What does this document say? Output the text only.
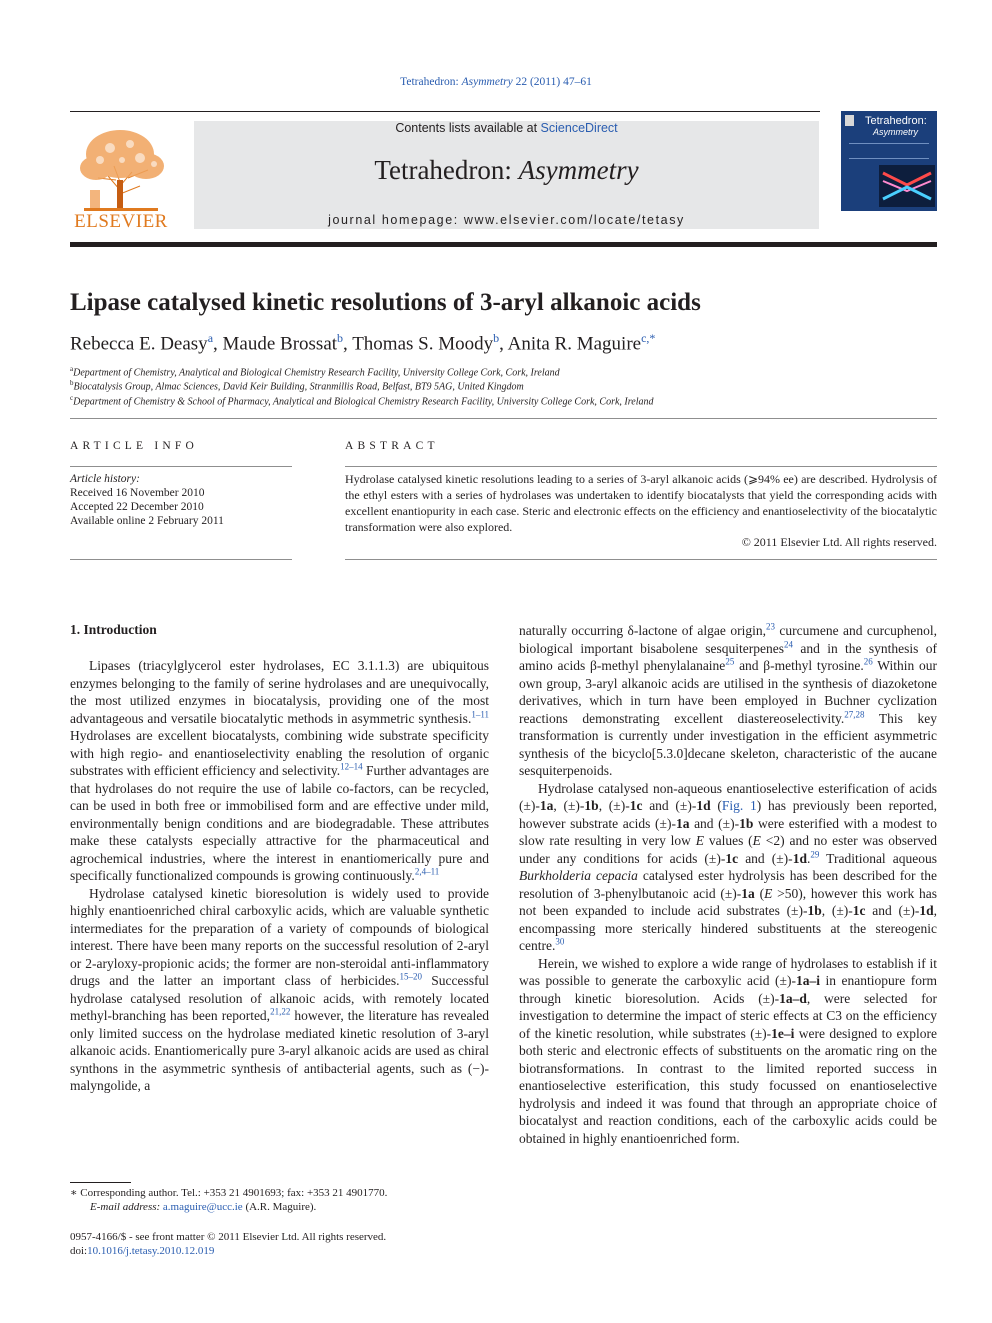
Tetrahedron: Asymmetry 22 (2011) 47–61
ELSEVIER
Contents lists available at ScienceDirect
Tetrahedron: Asymmetry
journal homepage: www.elsevier.com/locate/tetasy
Tetrahedron:
Asymmetry
Lipase catalysed kinetic resolutions of 3-aryl alkanoic acids
Rebecca E. Deasy$^a$, Maude Brossat$^b$, Thomas S. Moody$^b$, Anita R. Maguire$^{c,*}$
$^a$Department of Chemistry, Analytical and Biological Chemistry Research Facility, University College Cork, Cork, Ireland
$^b$Biocatalysis Group, Almac Sciences, David Keir Building, Stranmillis Road, Belfast, BT9 5AG, United Kingdom
$^c$Department of Chemistry & School of Pharmacy, Analytical and Biological Chemistry Research Facility, University College Cork, Cork, Ireland
ARTICLE INFO
Article history:
Received 16 November 2010
Accepted 22 December 2010
Available online 2 February 2011
ABSTRACT
Hydrolase catalysed kinetic resolutions leading to a series of 3-aryl alkanoic acids (⩾94% ee) are described. Hydrolysis of the ethyl esters with a series of hydrolases was undertaken to identify biocatalysts that yield the corresponding acids with excellent enantiopurity in each case. Steric and electronic effects on the efficiency and enantioselectivity of the biocatalytic transformation were also explored.
© 2011 Elsevier Ltd. All rights reserved.
1. Introduction

Lipases (triacylglycerol ester hydrolases, EC 3.1.1.3) are ubiquitous enzymes belonging to the family of serine hydrolases and are unequivocally, the most utilized enzymes in biocatalysis, providing one of the most advantageous and versatile biocatalytic methods in asymmetric synthesis.$^{1-11}$ Hydrolases are excellent biocatalysts, combining wide substrate specificity with high regio- and enantioselectivity enabling the resolution of organic substrates with efficient efficiency and selectivity.$^{12-14}$ Further advantages are that hydrolases do not require the use of labile co-factors, can be recycled, can be used in both free or immobilised form and are effective under mild, environmentally benign conditions and are biodegradable. These attributes make these catalysts especially attractive for the pharmaceutical and agrochemical industries, where the interest in enantiomerically pure and specifically functionalized compounds is growing continuously.$^{2,4-11}$

Hydrolase catalysed kinetic bioresolution is widely used to provide highly enantioenriched chiral carboxylic acids, which are valuable synthetic intermediates for the preparation of a variety of compounds of biological interest. There have been many reports on the successful resolution of 2-aryl or 2-aryloxy-propionic acids; the former are non-steroidal anti-inflammatory drugs and the latter an important class of herbicides.$^{15-20}$ Successful hydrolase catalysed resolution of alkanoic acids, with remotely located methyl-branching has been reported,$^{21,22}$ however, the literature has revealed only limited success on the hydrolase mediated kinetic resolution of 3-aryl alkanoic acids. Enantiomerically pure 3-aryl alkanoic acids are used as chiral synthons in the asymmetric synthesis of antibacterial agents, such as (−)-malyngolide, a

naturally occurring δ-lactone of algae origin,$^{23}$ curcumene and curcuphenol, biological important bisabolene sesquiterpenes$^{24}$ and in the synthesis of amino acids β-methyl phenylalanaine$^{25}$ and β-methyl tyrosine.$^{26}$ Within our own group, 3-aryl alkanoic acids are utilised in the synthesis of diazoketone derivatives, which in turn have been employed in Buchner cyclization reactions demonstrating excellent diastereoselectivity.$^{27,28}$ This key transformation is currently under investigation in the efficient asymmetric synthesis of the bicyclo[5.3.0]decane skeleton, characteristic of the aucane sesquiterpenoids.

Hydrolase catalysed non-aqueous enantioselective esterification of acids (±)-1a, (±)-1b, (±)-1c and (±)-1d (Fig. 1) has previously been reported, however substrate acids (±)-1a and (±)-1b were esterified with a modest to slow rate resulting in very low E values (E <2) and no ester was observed under any conditions for acids (±)-1c and (±)-1d.$^{29}$ Traditional aqueous Burkholderia cepacia catalysed ester hydrolysis has been described for the resolution of 3-phenylbutanoic acid (±)-1a (E >50), however this work has not been expanded to include acid substrates (±)-1b, (±)-1c and (±)-1d, encompassing more sterically hindered substituents at the stereogenic centre.$^{30}$

Herein, we wished to explore a wide range of hydrolases to establish if it was possible to generate the carboxylic acid (±)-1a–i in enantiopure form through kinetic bioresolution. Acids (±)-1a–d, were selected for investigation to determine the impact of steric effects at C3 on the efficiency of the kinetic resolution, while substrates (±)-1e–i were designed to explore both steric and electronic effects of substituents on the aromatic ring on the biotransformations. In contrast to the limited reported success in enantioselective esterification, this study focussed on enantioselective hydrolysis and indeed it was found that through an appropriate choice of biocatalyst and reaction conditions, each of the carboxylic acids could be obtained in highly enantioenriched form.

∗ Corresponding author. Tel.: +353 21 4901693; fax: +353 21 4901770.
E-mail address: a.maguire@ucc.ie (A.R. Maguire).
0957-4166/$ - see front matter © 2011 Elsevier Ltd. All rights reserved.
doi:10.1016/j.tetasy.2010.12.019
